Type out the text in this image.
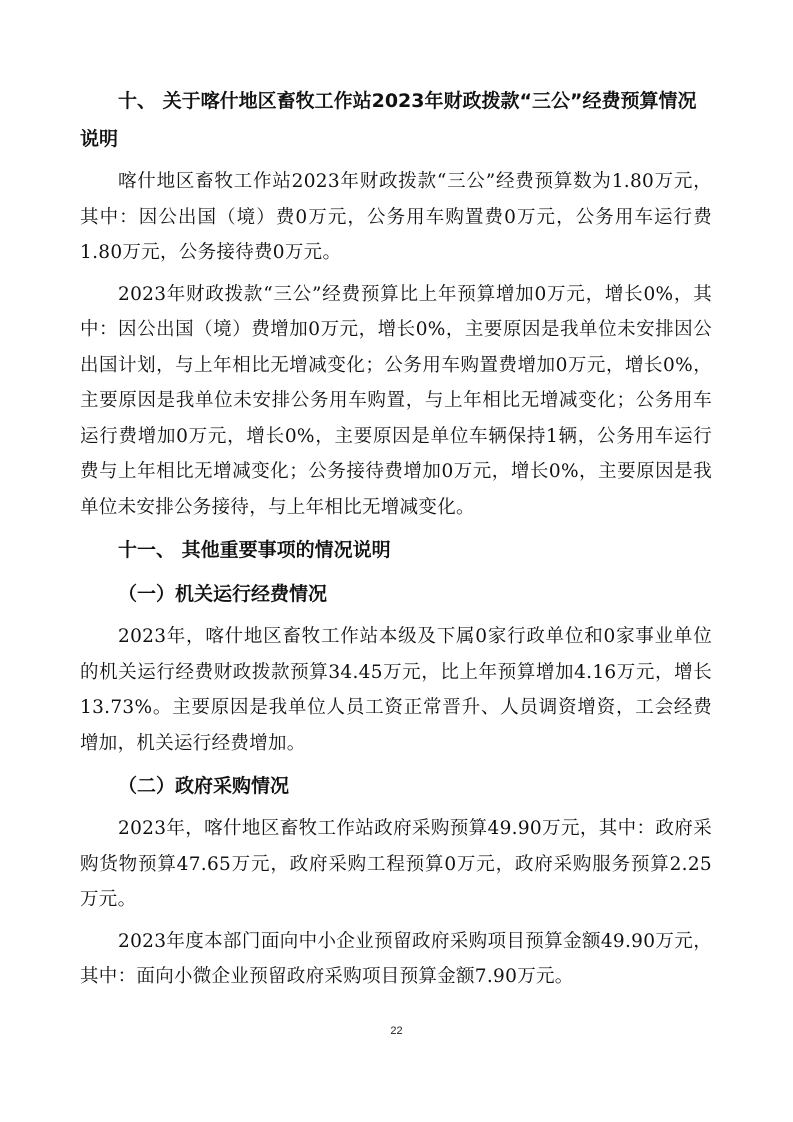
十、 关于喀什地区畜牧工作站2023年财政拨款“三公”经费预算情况说明

喀什地区畜牧工作站2023年财政拨款“三公”经费预算数为1.80万元，其中：因公出国（境）费0万元，公务用车购置费0万元，公务用车运行费1.80万元，公务接待费0万元。

2023年财政拨款“三公”经费预算比上年预算增加0万元，增长0%，其中：因公出国（境）费增加0万元，增长0%，主要原因是我单位未安排因公出国计划，与上年相比无增减变化；公务用车购置费增加0万元，增长0%，主要原因是我单位未安排公务用车购置，与上年相比无增减变化；公务用车运行费增加0万元，增长0%，主要原因是单位车辆保持1辆，公务用车运行费与上年相比无增减变化；公务接待费增加0万元，增长0%，主要原因是我单位未安排公务接待，与上年相比无增减变化。

十一、 其他重要事项的情况说明
（一）机关运行经费情况

2023年，喀什地区畜牧工作站本级及下属0家行政单位和0家事业单位的机关运行经费财政拨款预算34.45万元，比上年预算增加4.16万元，增长13.73%。主要原因是我单位人员工资正常晋升、人员调资增资，工会经费增加，机关运行经费增加。

（二）政府采购情况

2023年，喀什地区畜牧工作站政府采购预算49.90万元，其中：政府采购货物预算47.65万元，政府采购工程预算0万元，政府采购服务预算2.25万元。

2023年度本部门面向中小企业预留政府采购项目预算金额49.90万元，其中：面向小微企业预留政府采购项目预算金额7.90万元。

22
